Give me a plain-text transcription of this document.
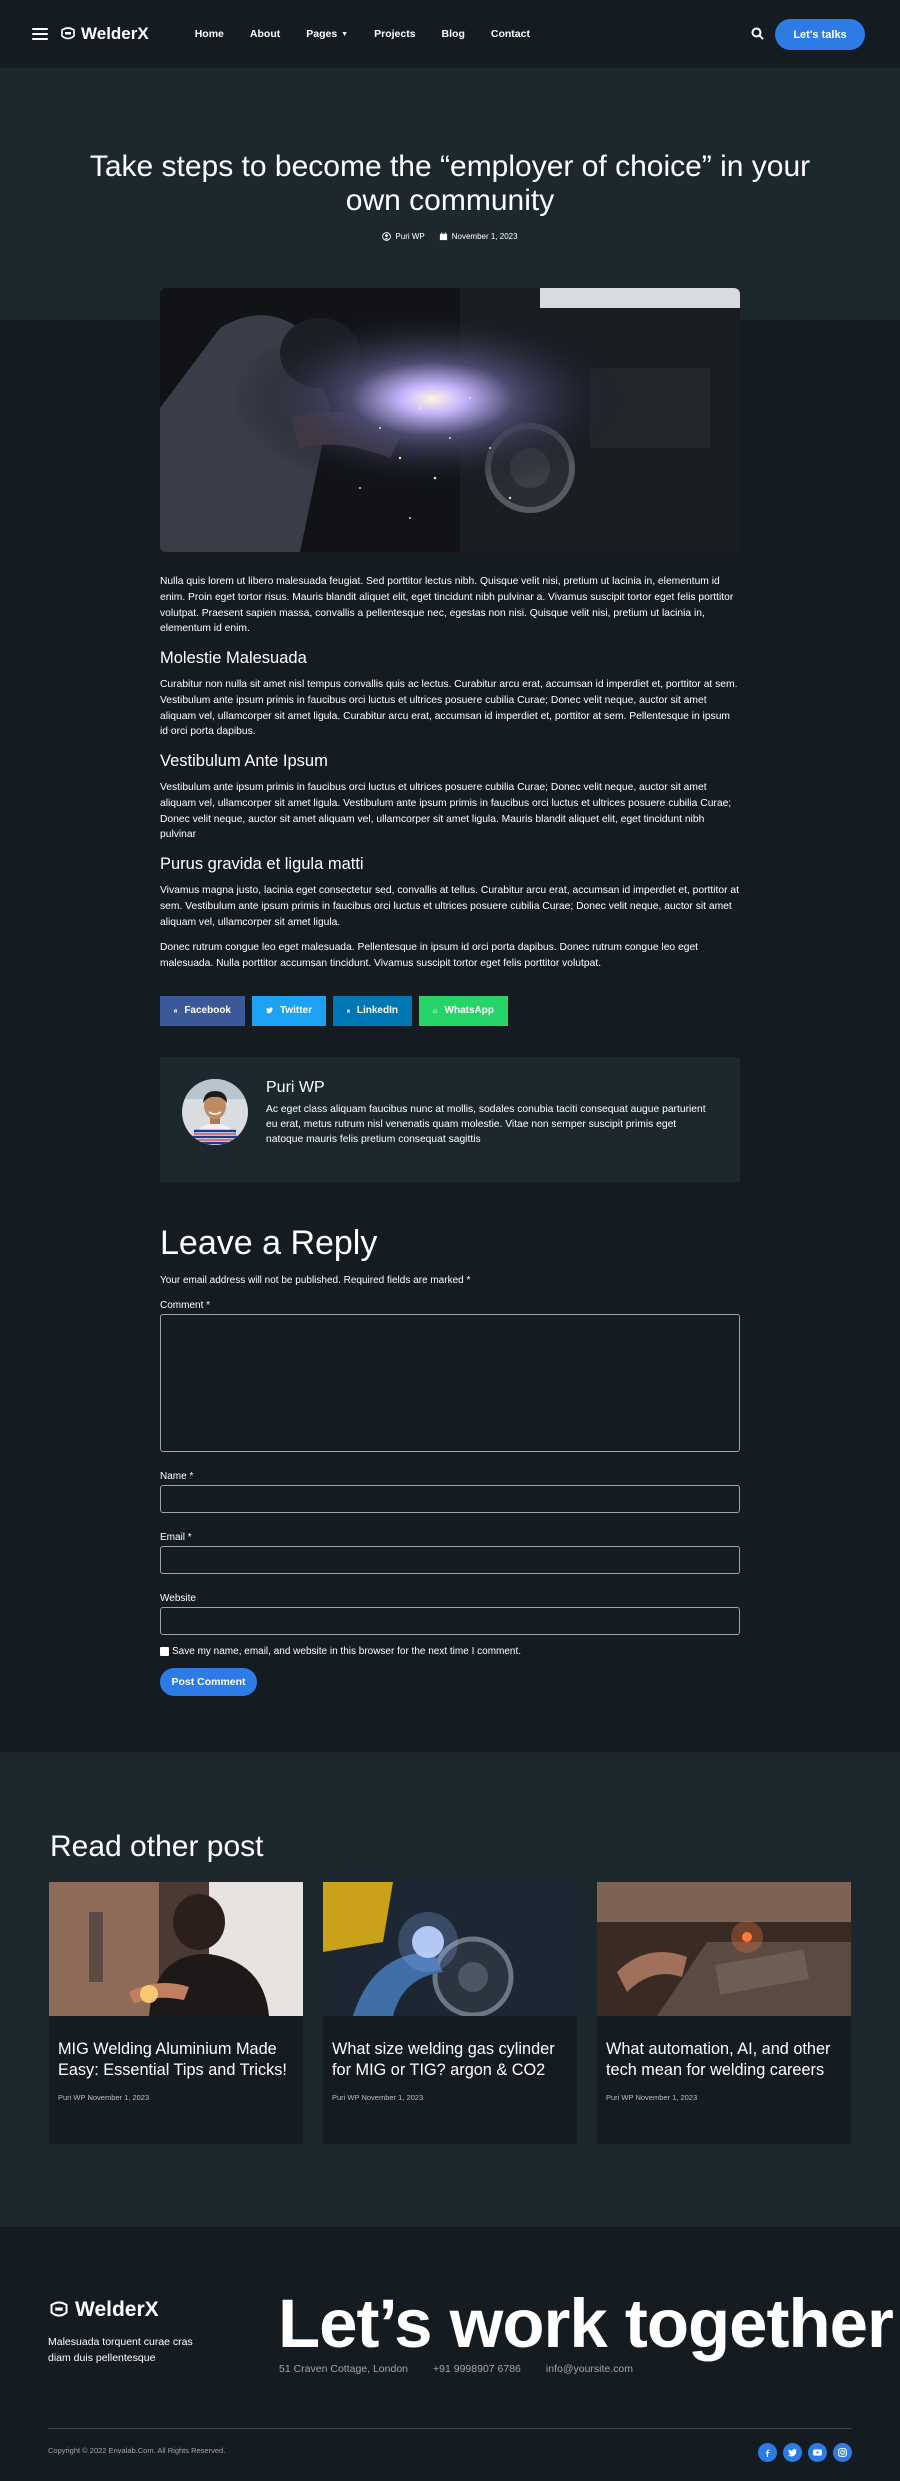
WelderX	Home About Pages ▼ Projects Blog Contact	Let's talks
Take steps to become the “employer of choice” in your own community
Puri WP	November 1, 2023

Nulla quis lorem ut libero malesuada feugiat. Sed porttitor lectus nibh. Quisque velit nisi, pretium ut lacinia in, elementum id enim. Proin eget tortor risus. Mauris blandit aliquet elit, eget tincidunt nibh pulvinar a. Vivamus suscipit tortor eget felis porttitor volutpat. Praesent sapien massa, convallis a pellentesque nec, egestas non nisi. Quisque velit nisi, pretium ut lacinia in, elementum id enim.

Molestie Malesuada

Curabitur non nulla sit amet nisl tempus convallis quis ac lectus. Curabitur arcu erat, accumsan id imperdiet et, porttitor at sem. Vestibulum ante ipsum primis in faucibus orci luctus et ultrices posuere cubilia Curae; Donec velit neque, auctor sit amet aliquam vel, ullamcorper sit amet ligula. Curabitur arcu erat, accumsan id imperdiet et, porttitor at sem. Pellentesque in ipsum id orci porta dapibus.

Vestibulum Ante Ipsum

Vestibulum ante ipsum primis in faucibus orci luctus et ultrices posuere cubilia Curae; Donec velit neque, auctor sit amet aliquam vel, ullamcorper sit amet ligula. Vestibulum ante ipsum primis in faucibus orci luctus et ultrices posuere cubilia Curae; Donec velit neque, auctor sit amet aliquam vel, ullamcorper sit amet ligula. Mauris blandit aliquet elit, eget tincidunt nibh pulvinar

Purus gravida et ligula matti

Vivamus magna justo, lacinia eget consectetur sed, convallis at tellus. Curabitur arcu erat, accumsan id imperdiet et, porttitor at sem. Vestibulum ante ipsum primis in faucibus orci luctus et ultrices posuere cubilia Curae; Donec velit neque, auctor sit amet aliquam vel, ullamcorper sit amet ligula.

Donec rutrum congue leo eget malesuada. Pellentesque in ipsum id orci porta dapibus. Donec rutrum congue leo eget malesuada. Nulla porttitor accumsan tincidunt. Vivamus suscipit tortor eget felis porttitor volutpat.

Facebook	Twitter	LinkedIn	WhatsApp
Puri WP
Ac eget class aliquam faucibus nunc at mollis, sodales conubia taciti consequat augue parturient eu erat, metus rutrum nisl venenatis quam molestie. Vitae non semper suscipit primis eget natoque mauris felis pretium consequat sagittis
Leave a Reply
Your email address will not be published. Required fields are marked *
Comment *
Name *
Email *
Website
Save my name, email, and website in this browser for the next time I comment.
Post Comment
Read other post
MIG Welding Aluminium Made Easy: Essential Tips and Tricks!
Puri WP November 1, 2023
What size welding gas cylinder for MIG or TIG? argon & CO2
Puri WP November 1, 2023
What automation, AI, and other tech mean for welding careers
Puri WP November 1, 2023
WelderX
Malesuada torquent curae cras diam duis pellentesque	Let’s work together
51 Craven Cottage, London +91 9998907 6786 info@yoursite.com
Copyright © 2022 Envalab.Com. All Rights Reserved.
